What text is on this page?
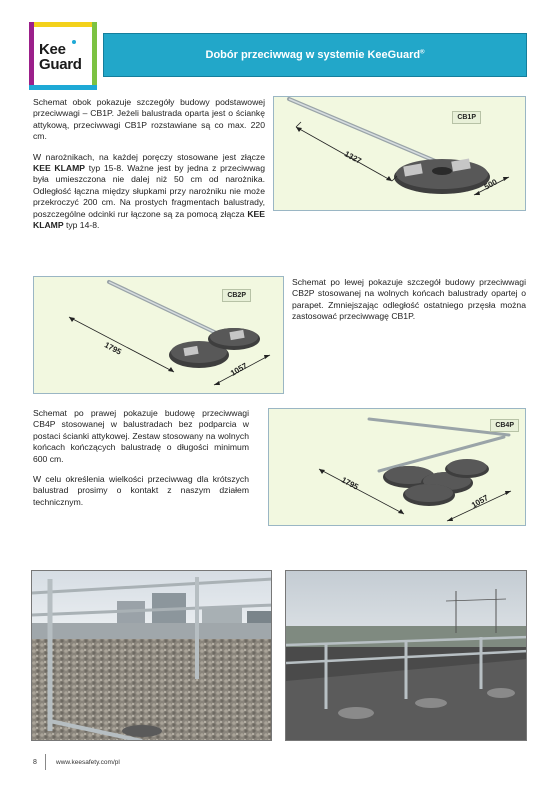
Kee
Guard
Dobór przeciwwag w systemie KeeGuard®

Schemat obok pokazuje szczegóły budowy podstawowej przeciwwagi – CB1P. Jeżeli balustrada oparta jest o ściankę attykową, przeciwwagi CB1P rozstawiane są co max. 220 cm.

W narożnikach, na każdej poręczy stosowane jest złącze KEE KLAMP typ 15-8. Ważne jest by jedna z przeciwwag była umieszczona nie dalej niż 50 cm od narożnika. Odległość łączna między słupkami przy narożniku nie może przekroczyć 200 cm. Na prostych fragmentach balustrady, poszczególne odcinki rur łączone są za pomocą złącza KEE KLAMP typ 14-8.

CB1P
1327
500
CB2P
1795
1057

Schemat po lewej pokazuje szczegół budowy przeciwwagi CB2P stosowanej na wolnych końcach balustrady opartej o parapet. Zmniejszając odległość ostatniego przęsła można zastosować przeciwwagę CB1P.

Schemat po prawej pokazuje budowę przeciwwagi CB4P stosowanej w balustradach bez podparcia w postaci ścianki attykowej. Zestaw stosowany na wolnych końcach kończących balustradę o długości minimum 600 cm.

W celu określenia wielkości przeciwwag dla krótszych balustrad prosimy o kontakt z naszym działem technicznym.

CB4P
1795
1057
8	www.keesafety.com/pl
